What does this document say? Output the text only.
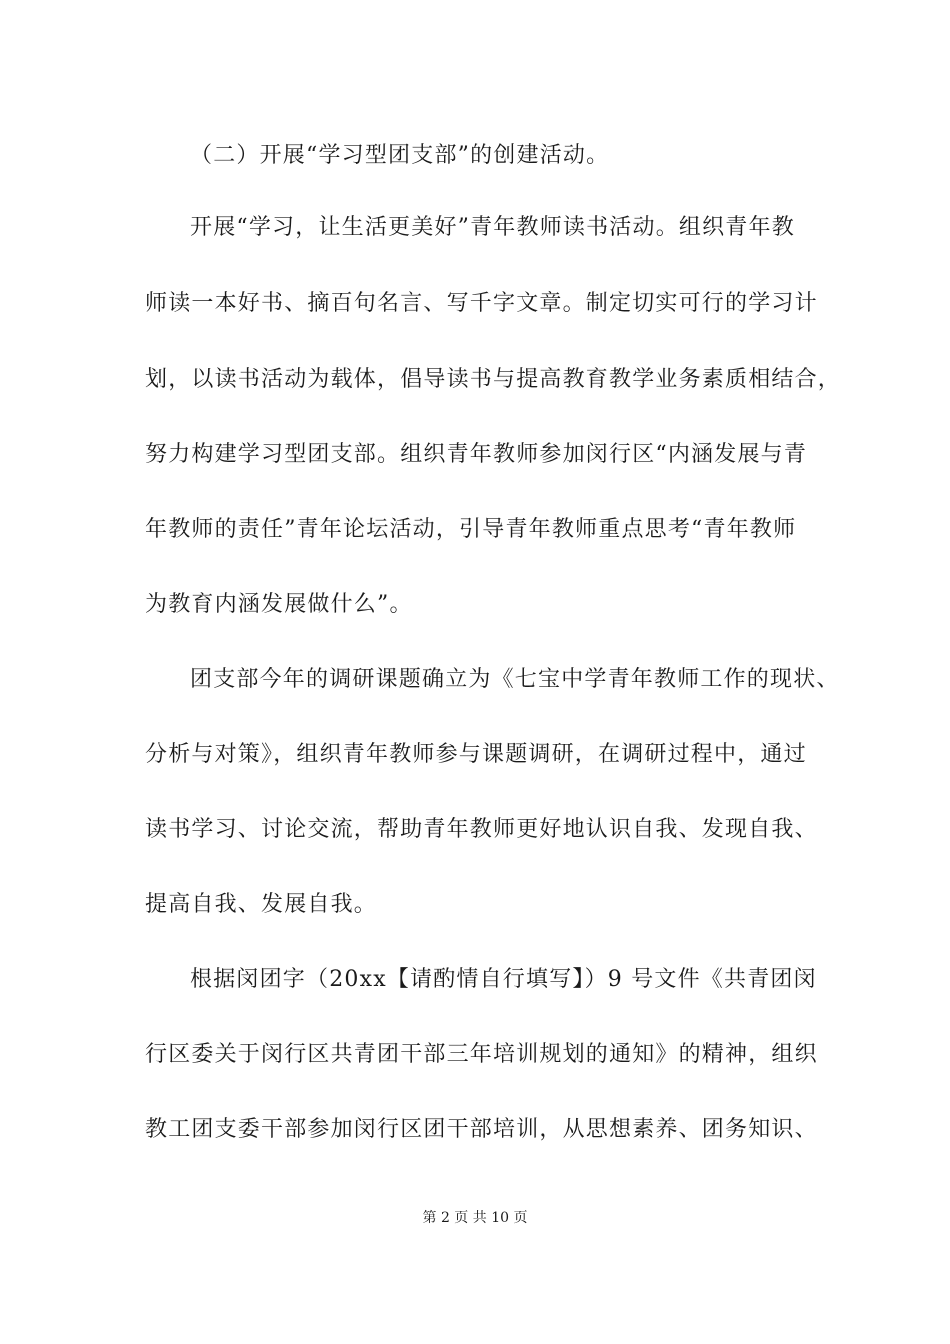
（二）开展“学习型团支部”的创建活动。
开展“学习，让生活更美好”青年教师读书活动。组织青年教
师读一本好书、摘百句名言、写千字文章。制定切实可行的学习计
划，以读书活动为载体，倡导读书与提高教育教学业务素质相结合，
努力构建学习型团支部。组织青年教师参加闵行区“内涵发展与青
年教师的责任”青年论坛活动，引导青年教师重点思考“青年教师
为教育内涵发展做什么”。
团支部今年的调研课题确立为《七宝中学青年教师工作的现状、
分析与对策》，组织青年教师参与课题调研，在调研过程中，通过
读书学习、讨论交流，帮助青年教师更好地认识自我、发现自我、
提高自我、发展自我。
根据闵团字（20xx【请酌情自行填写】）9 号文件《共青团闵
行区委关于闵行区共青团干部三年培训规划的通知》的精神，组织
教工团支委干部参加闵行区团干部培训，从思想素养、团务知识、
第 2 页 共 10 页
